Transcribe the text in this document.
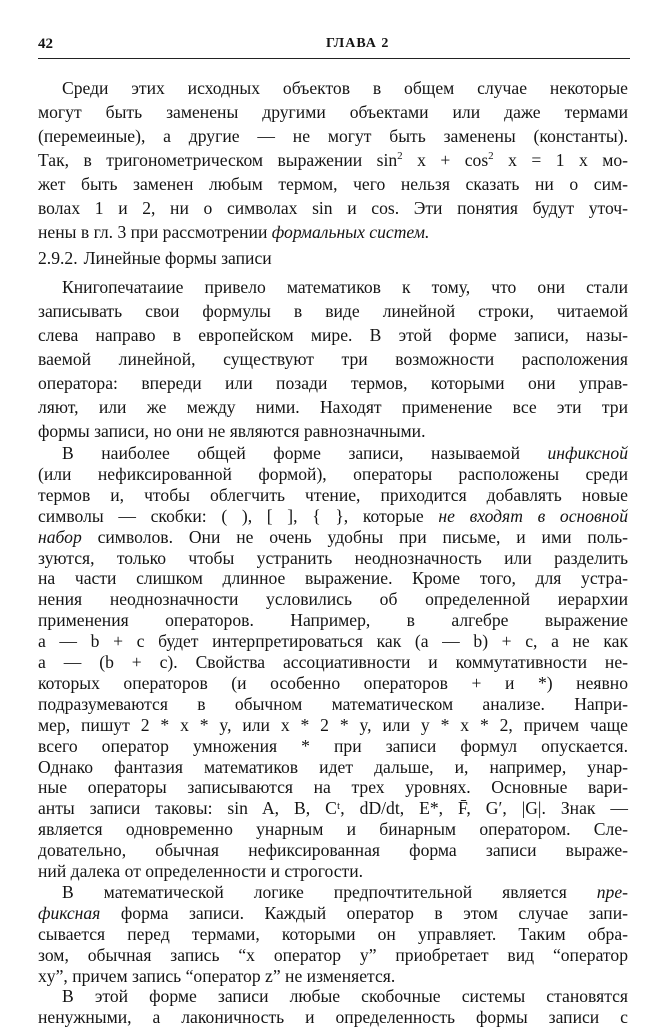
42	ГЛАВА 2
Среди этих исходных объектов в общем случае некоторые
могут быть заменены другими объектами или даже термами
(перемеиные), а другие — не могут быть заменены (константы).
Так, в тригонометрическом выражении $\sin^2 x + \cos^2 x = 1$ x мо-
жет быть заменен любым термом, чего нельзя сказать ни о сим-
волах 1 и 2, ни о символах sin и cos. Эти понятия будут уточ-
нены в гл. 3 при рассмотрении формальных систем.
2.9.2. Линейные формы записи
Книгопечатаиие привело математиков к тому, что они стали
записывать свои формулы в виде линейной строки, читаемой
слева направо в европейском мире. В этой форме записи, назы-
ваемой линейной, существуют три возможности расположения
оператора: впереди или позади термов, которыми они управ-
ляют, или же между ними. Находят применение все эти три
формы записи, но они не являются равнозначными.
В наиболее общей форме записи, называемой инфиксной
(или нефиксированной формой), операторы расположены среди
термов и, чтобы облегчить чтение, приходится добавлять новые
символы — скобки: ( ), [ ], { }, которые не входят в основной
набор символов. Они не очень удобны при письме, и ими поль-
зуются, только чтобы устранить неоднозначность или разделить
на части слишком длинное выражение. Кроме того, для устра-
нения неоднозначности условились об определенной иерархии
применения операторов. Например, в алгебре выражение
a — b + c будет интерпретироваться как (a — b) + c, а не как
a — (b + c). Свойства ассоциативности и коммутативности не-
которых операторов (и особенно операторов + и *) неявно
подразумеваются в обычном математическом анализе. Напри-
мер, пишут 2 * x * y, или x * 2 * y, или y * x * 2, причем чаще
всего оператор умножения * при записи формул опускается.
Однако фантазия математиков идет дальше, и, например, унар-
ные операторы записываются на трех уровнях. Основные вари-
анты записи таковы: sin A, B, Cᵗ, dD/dt, E*, F̄, G′, |G|. Знак —
является одновременно унарным и бинарным оператором. Сле-
довательно, обычная нефиксированная форма записи выраже-
ний далека от определенности и строгости.
В математической логике предпочтительной является пре-
фиксная форма записи. Каждый оператор в этом случае запи-
сывается перед термами, которыми он управляет. Таким обра-
зом, обычная запись “x оператор y” приобретает вид “оператор
xy”, причем запись “оператор z” не изменяется.
В этой форме записи любые скобочные системы становятся
ненужными, а лаконичность и определенность формы записи с
